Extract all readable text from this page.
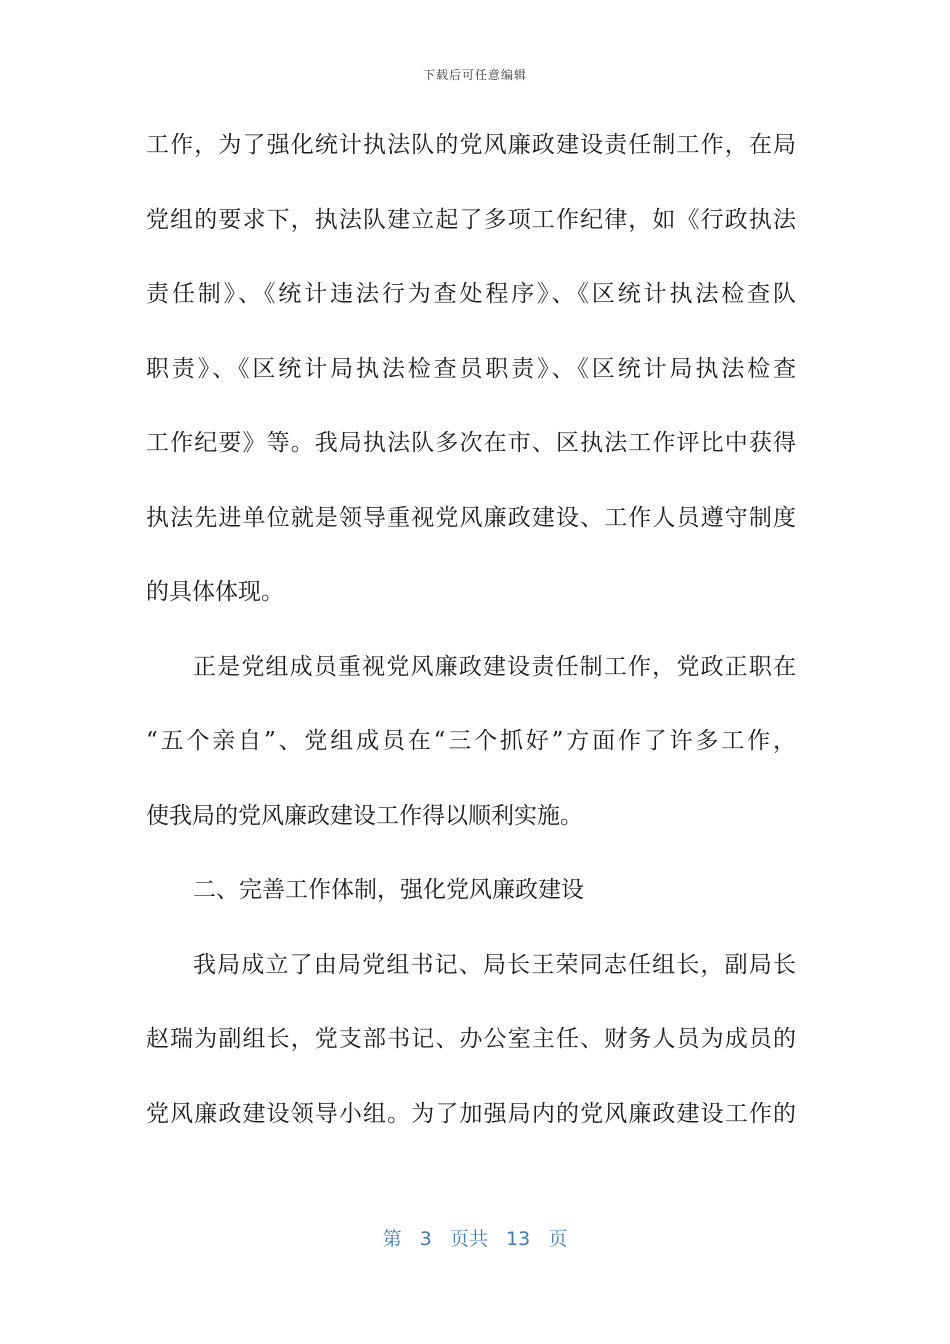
下载后可任意编辑
工作，为了强化统计执法队的党风廉政建设责任制工作，在局
党组的要求下，执法队建立起了多项工作纪律，如《行政执法
责任制》、《统计违法行为查处程序》、《区统计执法检查队
职责》、《区统计局执法检查员职责》、《区统计局执法检查
工作纪要》等。我局执法队多次在市、区执法工作评比中获得
执法先进单位就是领导重视党风廉政建设、工作人员遵守制度
的具体体现。
正是党组成员重视党风廉政建设责任制工作，党政正职在
“五个亲自”、党组成员在“三个抓好”方面作了许多工作，
使我局的党风廉政建设工作得以顺利实施。
二、完善工作体制，强化党风廉政建设
我局成立了由局党组书记、局长王荣同志任组长，副局长
赵瑞为副组长，党支部书记、办公室主任、财务人员为成员的
党风廉政建设领导小组。为了加强局内的党风廉政建设工作的
第 3 页共 13 页
